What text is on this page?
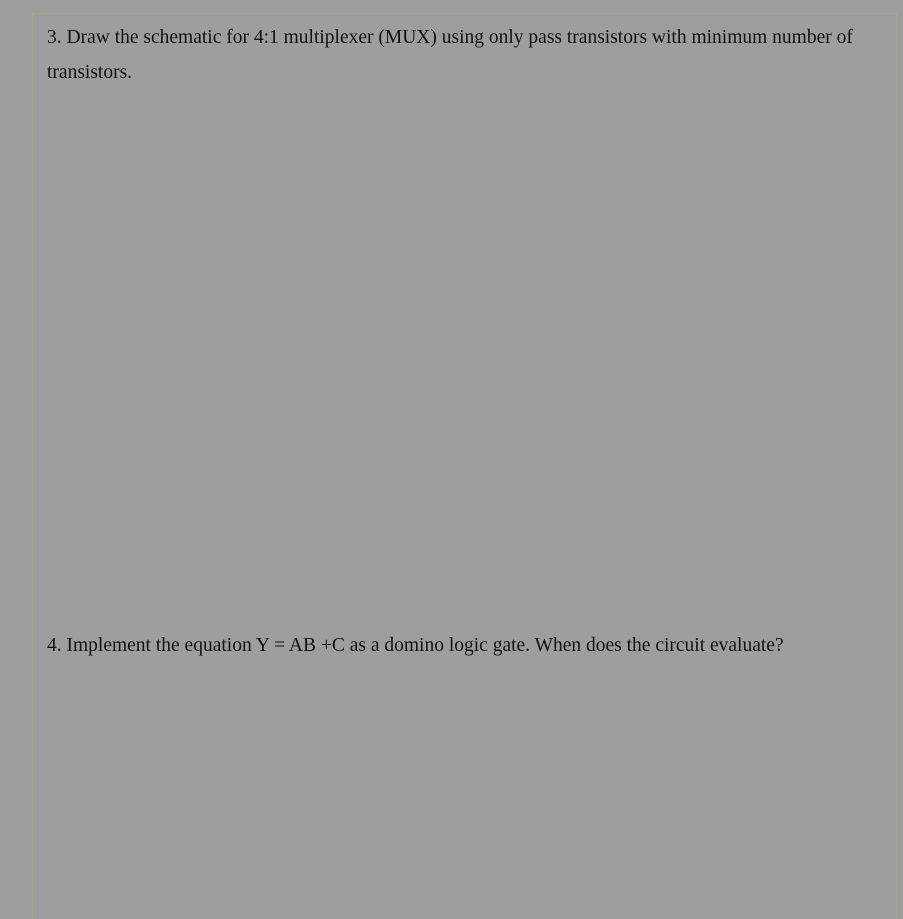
3. Draw the schematic for 4:1 multiplexer (MUX) using only pass transistors with minimum number of transistors.

4. Implement the equation Y = AB +C as a domino logic gate. When does the circuit evaluate?
